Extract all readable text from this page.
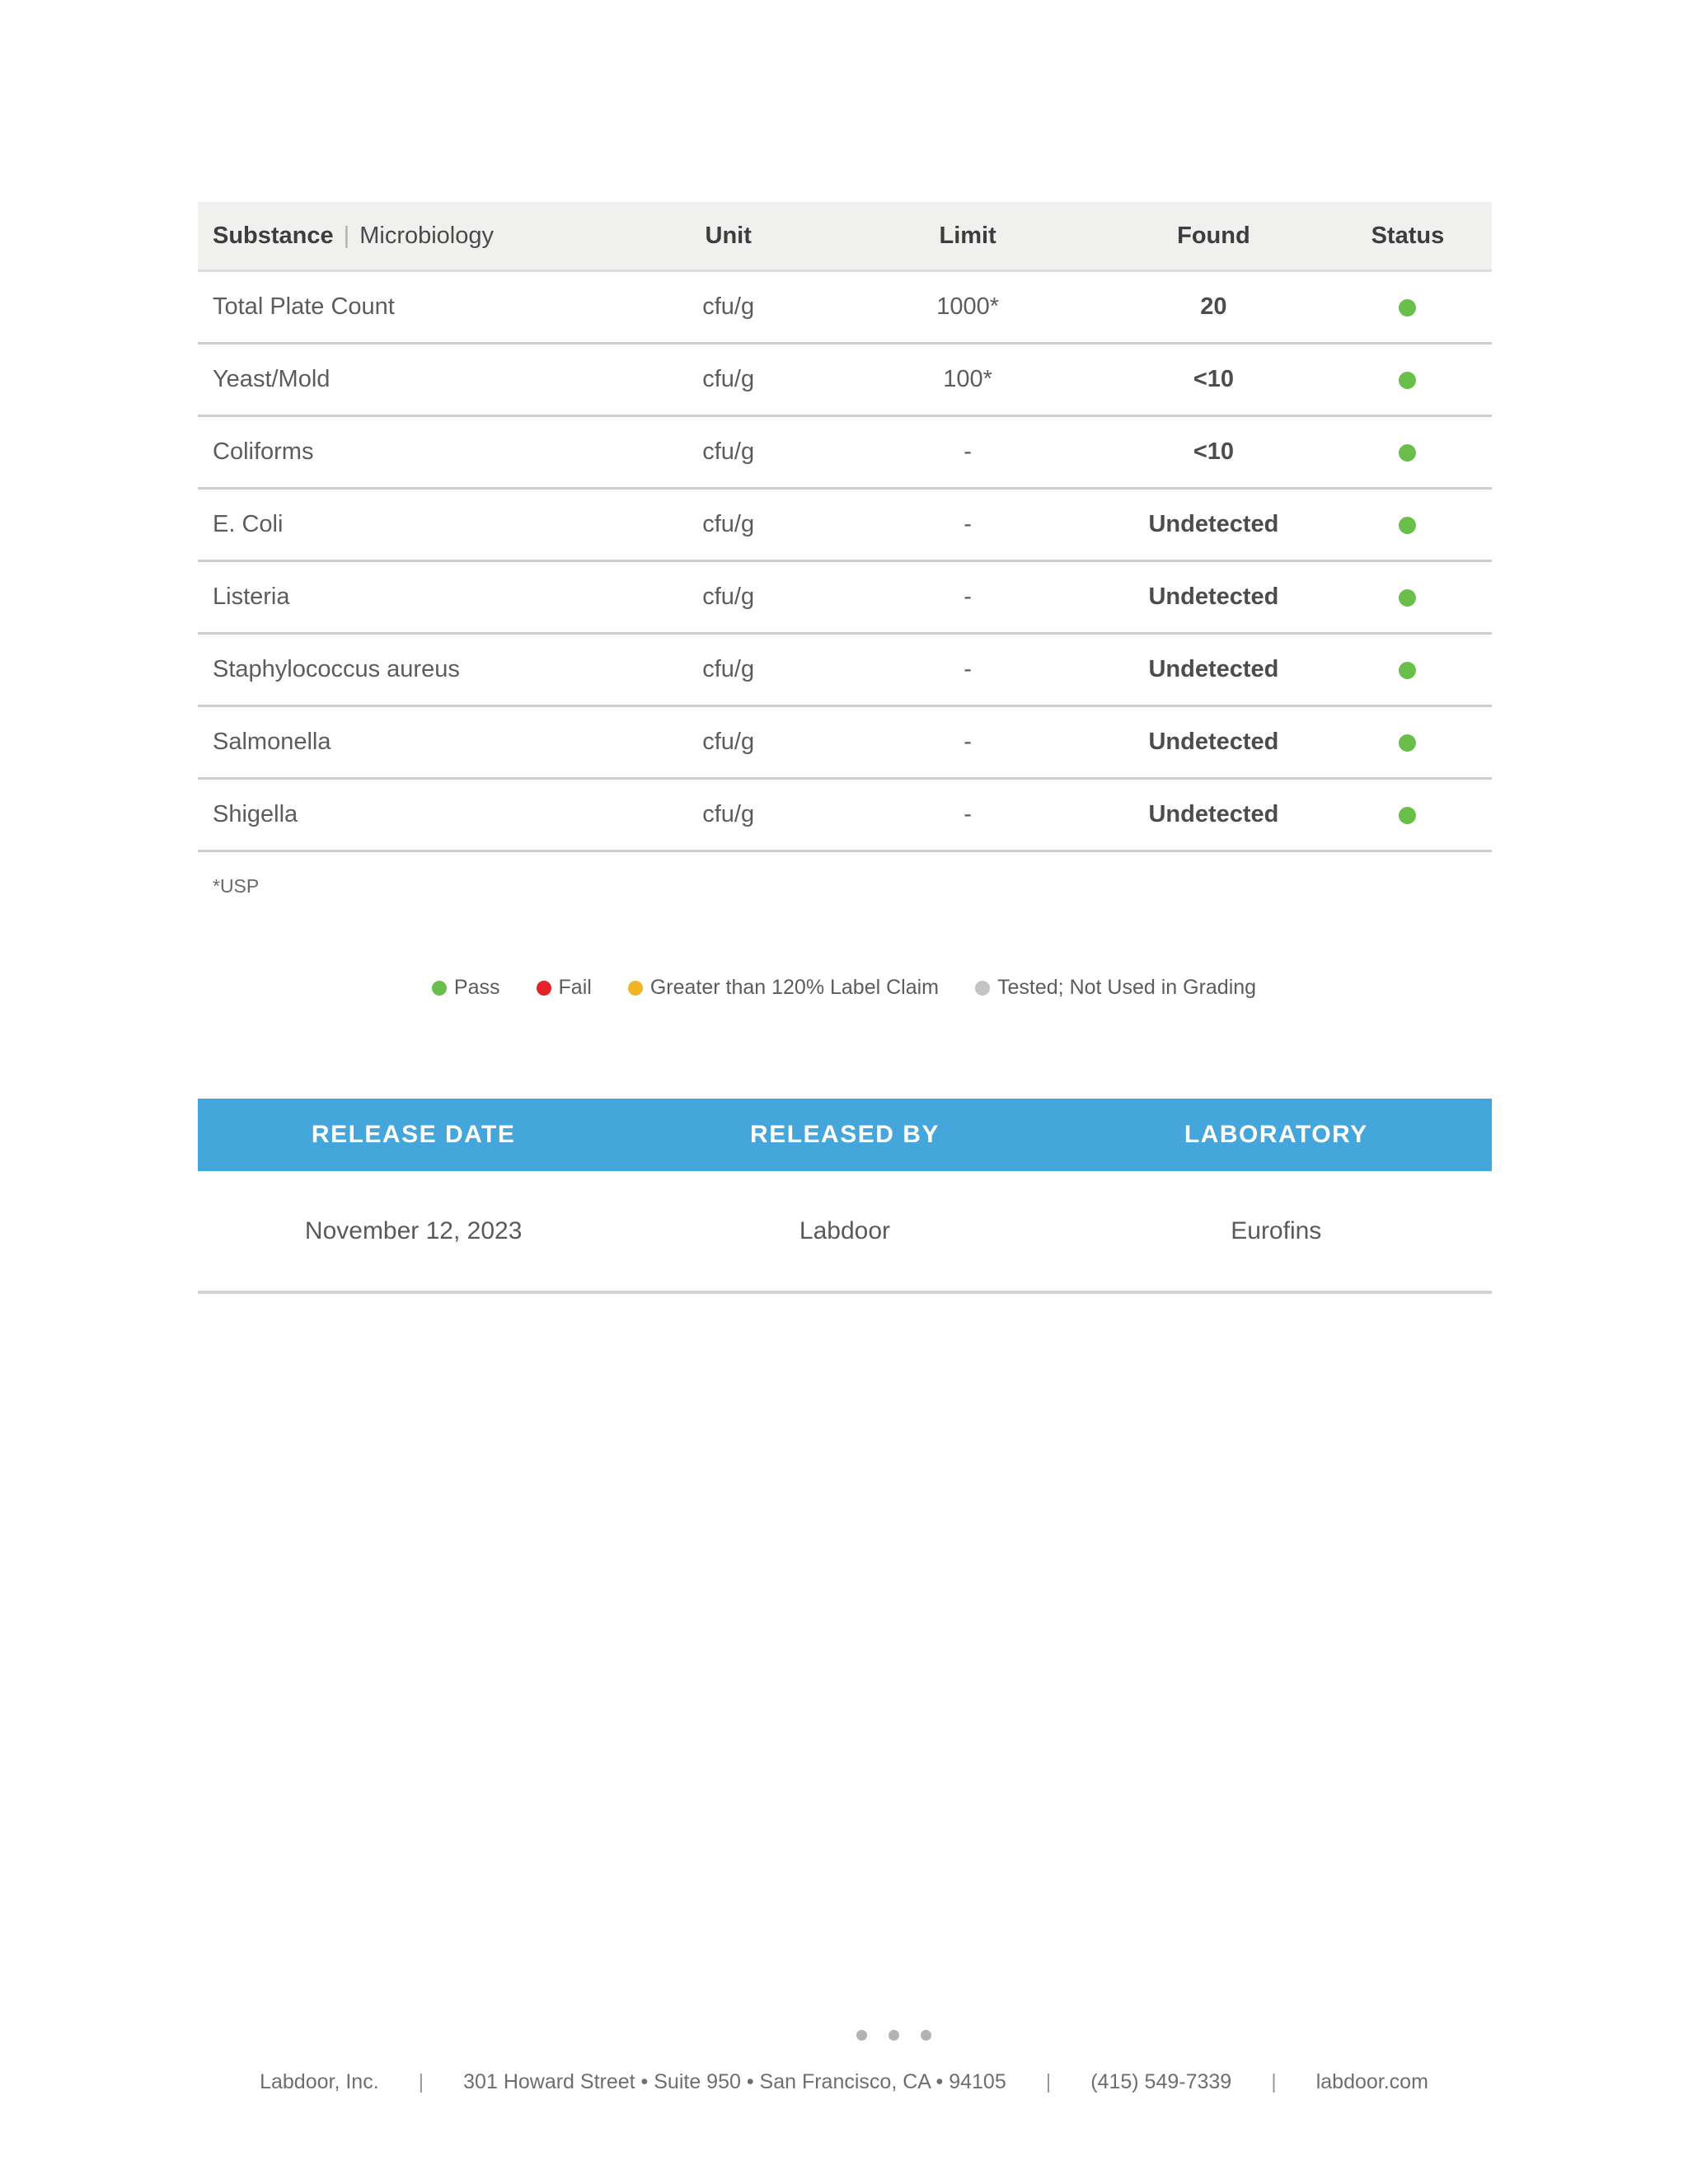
Substance | Microbiology	Unit	Limit	Found	Status
Total Plate Count	cfu/g	1000*	20
Yeast/Mold	cfu/g	100*	<10
Coliforms	cfu/g	-	<10
E. Coli	cfu/g	-	Undetected
Listeria	cfu/g	-	Undetected
Staphylococcus aureus	cfu/g	-	Undetected
Salmonella	cfu/g	-	Undetected
Shigella	cfu/g	-	Undetected
*USP
Pass	Fail	Greater than 120% Label Claim	Tested; Not Used in Grading
RELEASE DATE	RELEASED BY	LABORATORY
November 12, 2023	Labdoor	Eurofins
Labdoor, Inc. | 301 Howard Street • Suite 950 • San Francisco, CA • 94105 | (415) 549-7339 | labdoor.com
